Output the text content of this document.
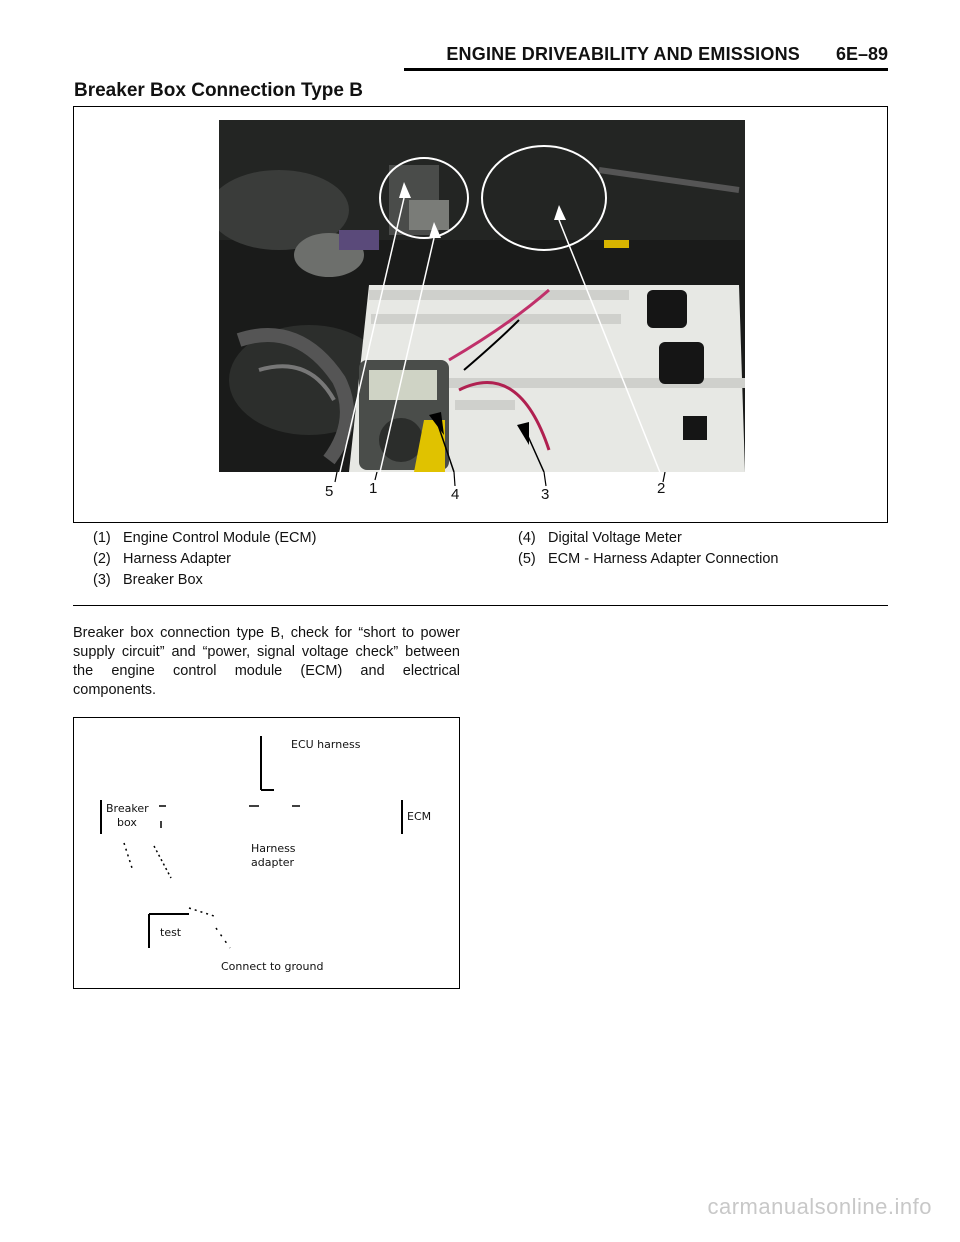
ENGINE DRIVEABILITY AND EMISSIONS 6E–89
Breaker Box Connection Type B
5 1	4	3	2
(1) Engine Control Module (ECM)
(2) Harness Adapter
(3) Breaker Box
(4) Digital Voltage Meter
(5) ECM - Harness Adapter Connection
Breaker box connection type B, check for “short to power supply circuit” and “power, signal voltage check” between the engine control module (ECM) and electrical components.
ECU harness
Breaker
box	ECM
Harness
adapter
test
Connect to ground
carmanualsonline.info
